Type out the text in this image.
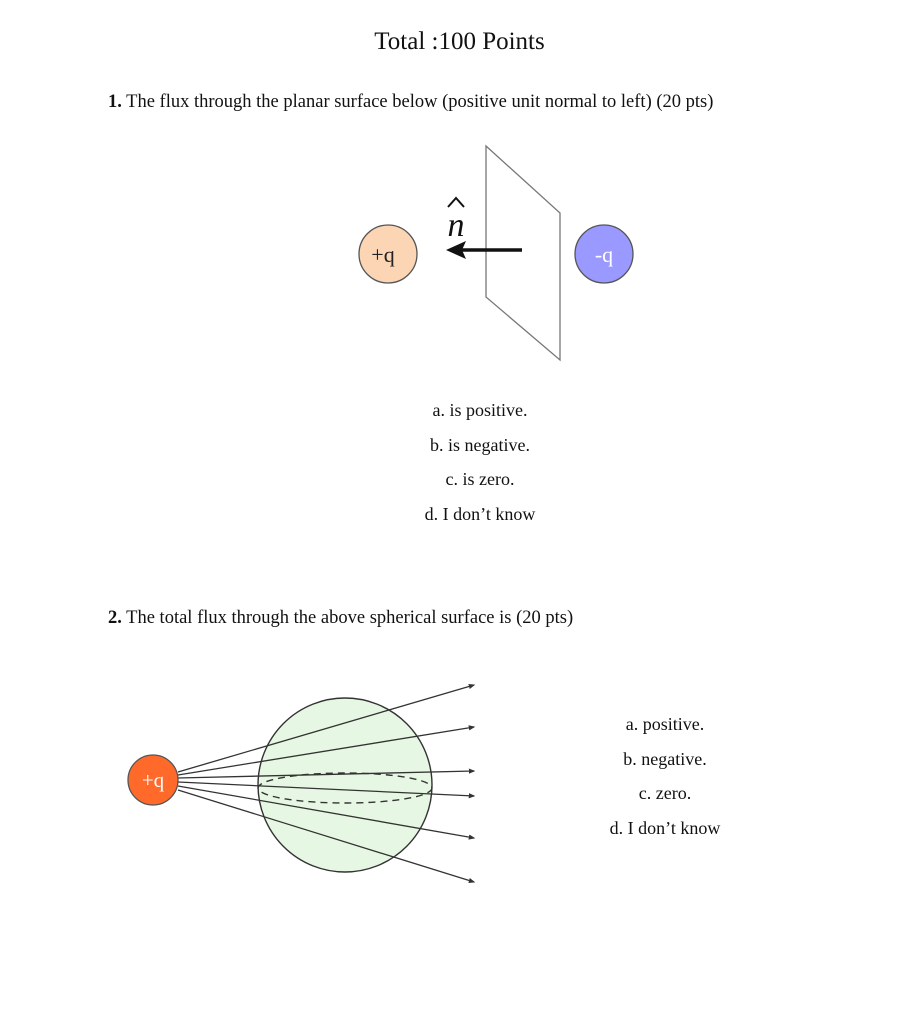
Total :100 Points
1. The flux through the planar surface below (positive unit normal to left) (20 pts)
+q	-q
n
a. is positive.
b. is negative.
c. is zero.
d. I don’t know
2. The total flux through the above spherical surface is (20 pts)
+q
a. positive.
b. negative.
c. zero.
d. I don’t know
